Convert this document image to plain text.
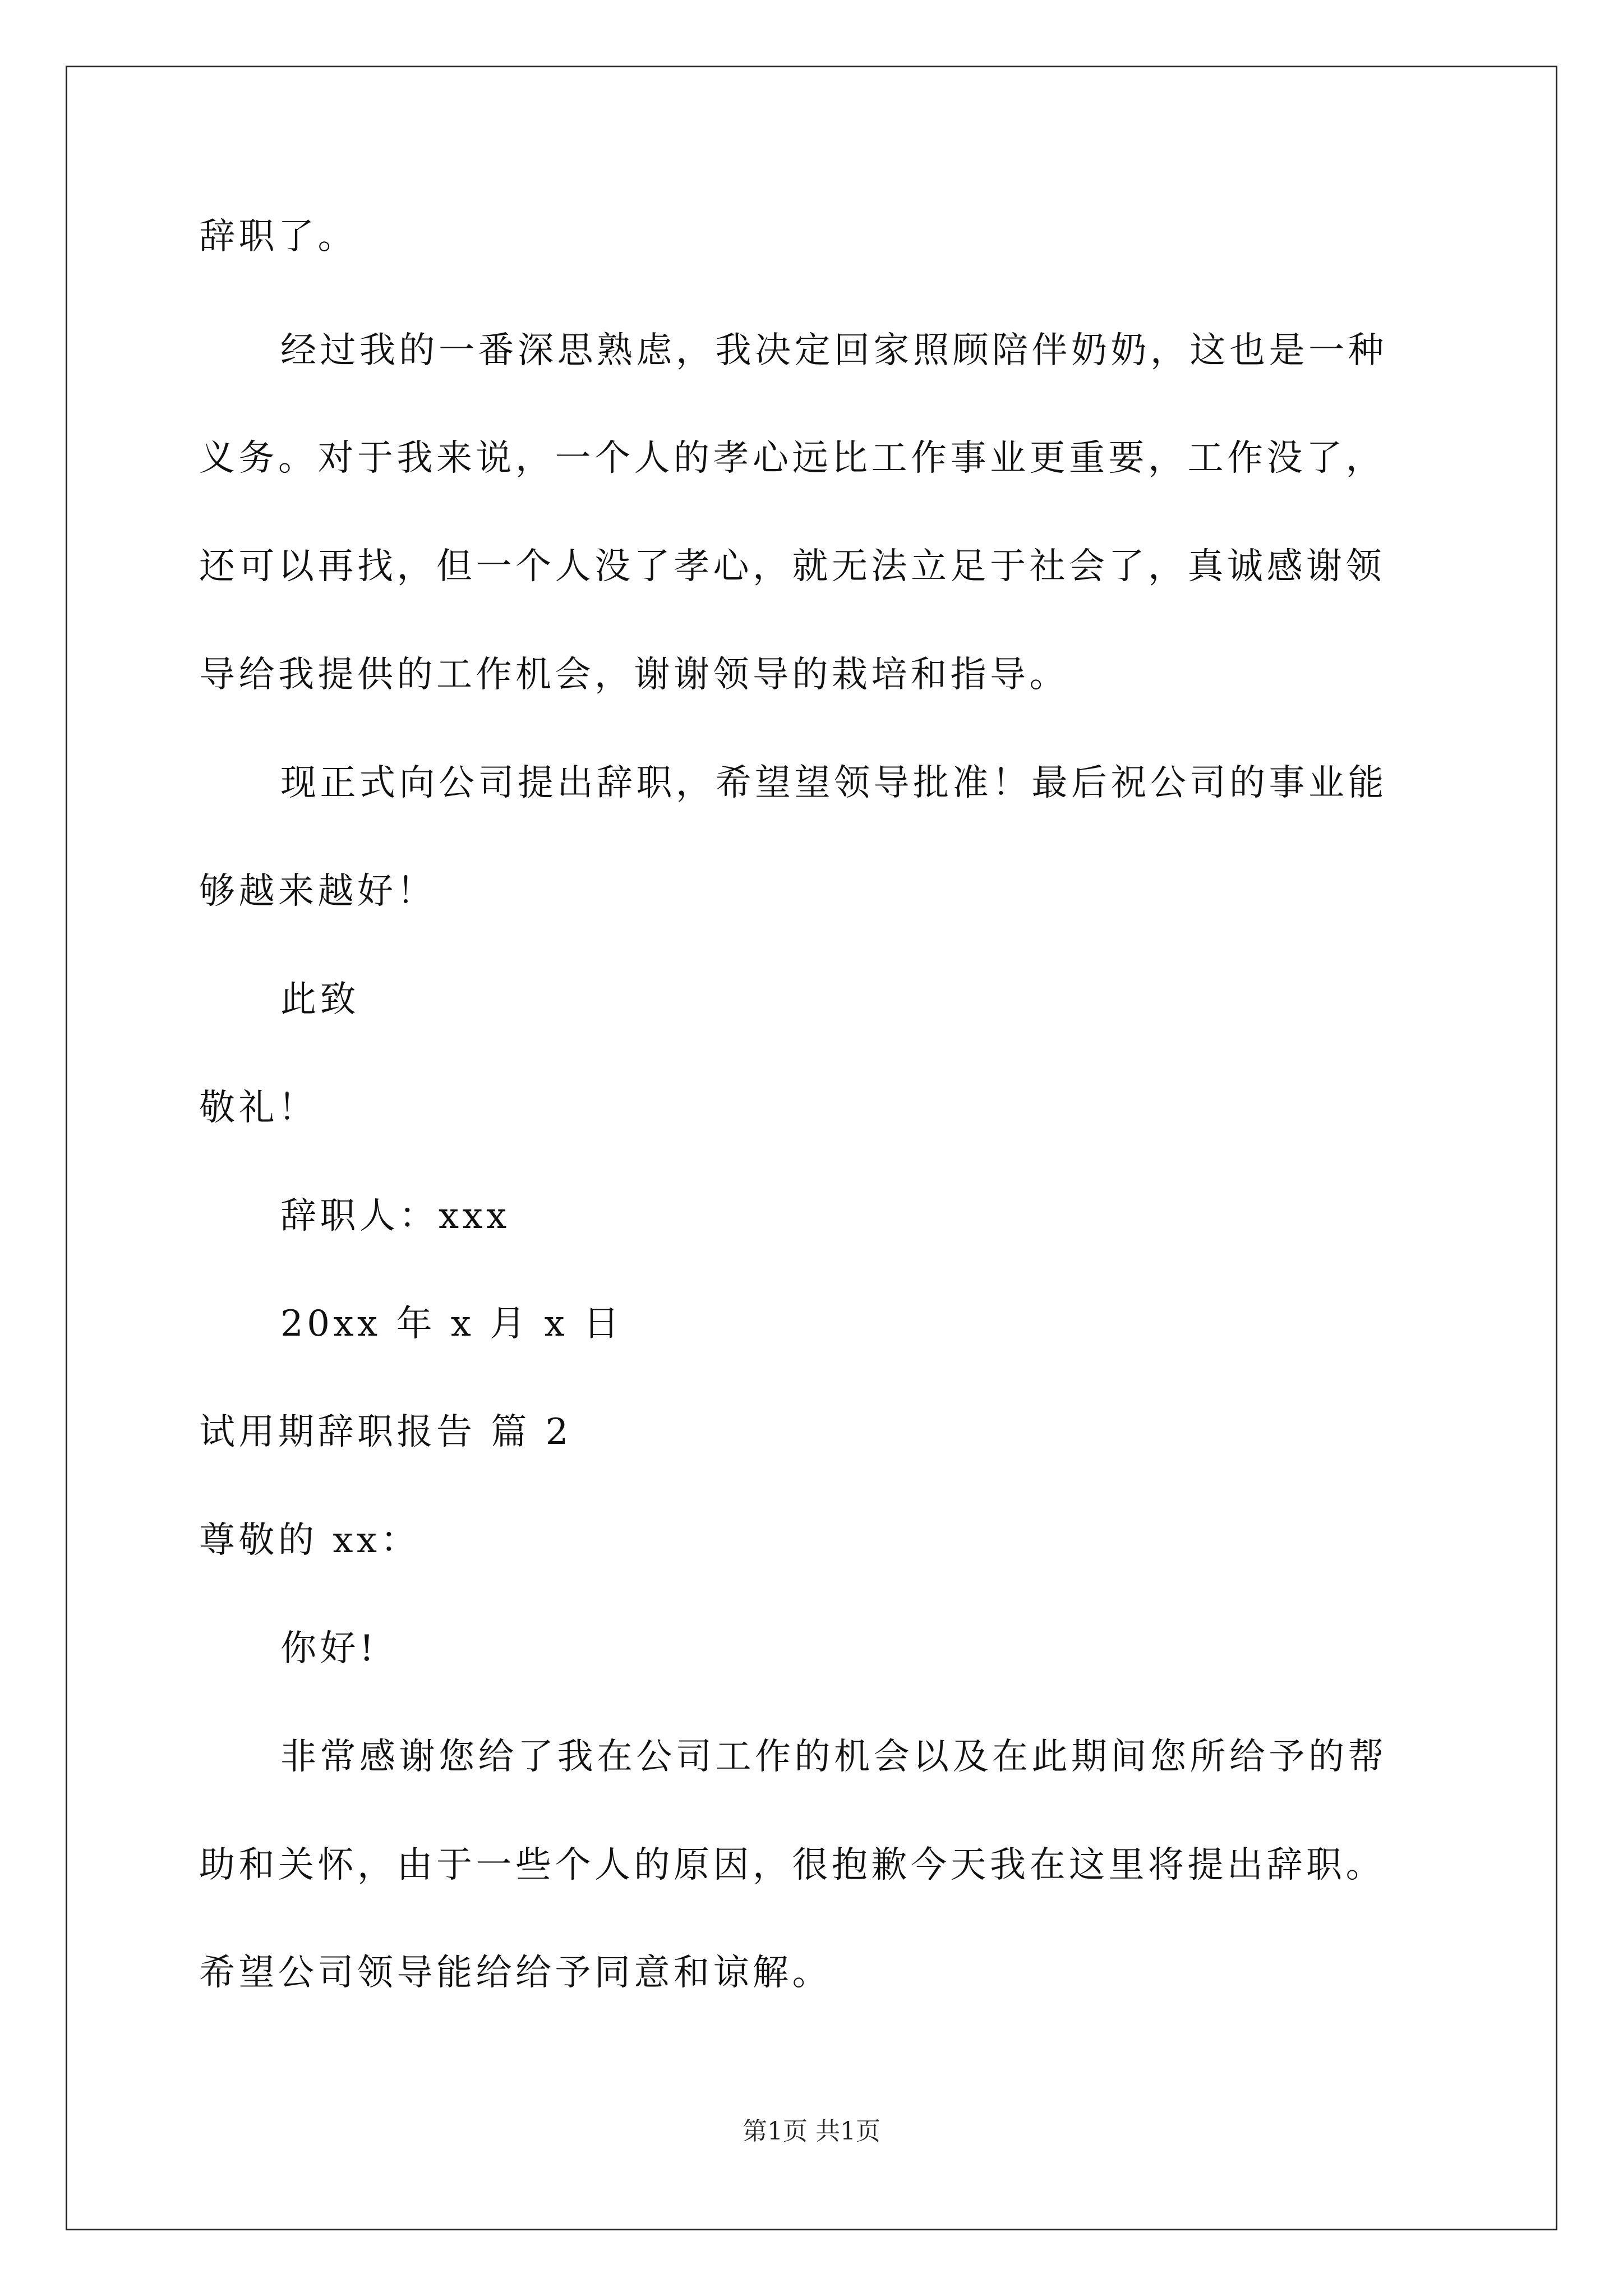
辞职了。
经过我的一番深思熟虑，我决定回家照顾陪伴奶奶，这也是一种
义务。对于我来说，一个人的孝心远比工作事业更重要，工作没了，
还可以再找，但一个人没了孝心，就无法立足于社会了，真诚感谢领
导给我提供的工作机会，谢谢领导的栽培和指导。
现正式向公司提出辞职，希望望领导批准！最后祝公司的事业能
够越来越好！
此致
敬礼！
辞职人：xxx
20xx 年 x 月 x 日
试用期辞职报告 篇 2
尊敬的 xx：
你好!
非常感谢您给了我在公司工作的机会以及在此期间您所给予的帮
助和关怀，由于一些个人的原因，很抱歉今天我在这里将提出辞职。
希望公司领导能给给予同意和谅解。
第1页 共1页
